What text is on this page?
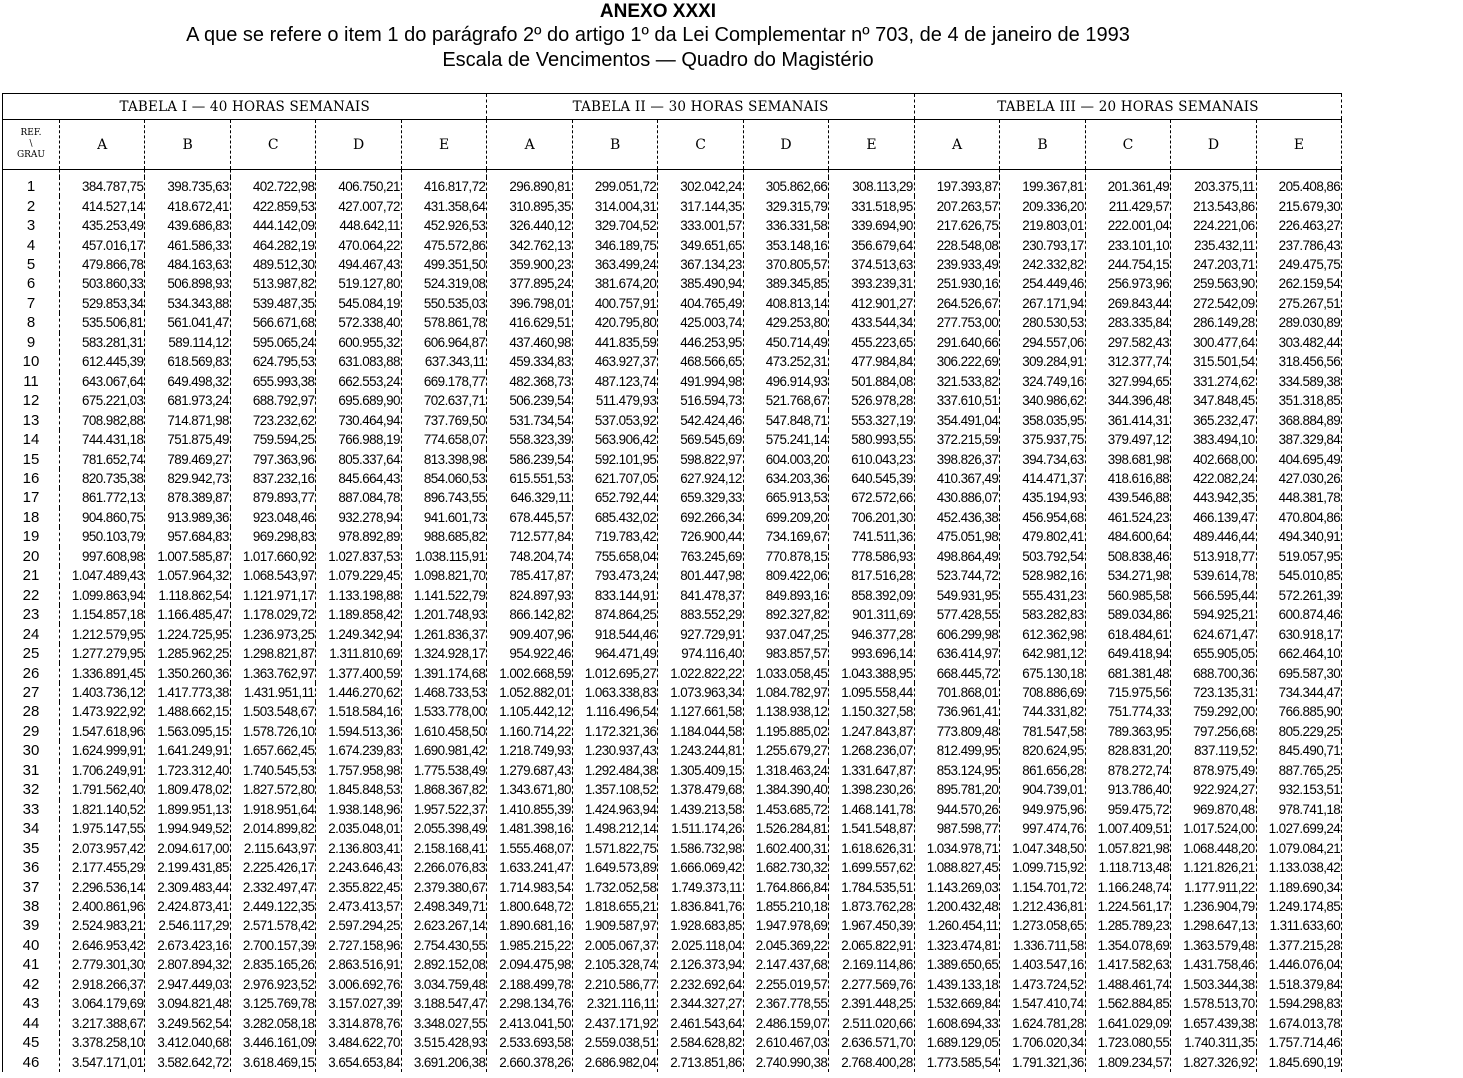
ANEXO XXXI
A que se refere o item 1 do parágrafo 2º do artigo 1º da Lei Complementar nº 703, de 4 de janeiro de 1993
Escala de Vencimentos — Quadro do Magistério
TABELA I — 40 HORAS SEMANAIS						TABELA II — 30 HORAS SEMANAIS					TABELA III — 20 HORAS SEMANAIS				

REF.
\
GRAU	A	B	C	D	E	A	B	C	D	E	A	B	C	D	E

1	384.787,75	398.735,63	402.722,98	406.750,21	416.817,72	296.890,81	299.051,72	302.042,24	305.862,66	308.113,29	197.393,87	199.367,81	201.361,49	203.375,11	205.408,86
2	414.527,14	418.672,41	422.859,53	427.007,72	431.358,64	310.895,35	314.004,31	317.144,35	329.315,79	331.518,95	207.263,57	209.336,20	211.429,57	213.543,86	215.679,30
3	435.253,49	439.686,83	444.142,09	448.642,11	452.926,53	326.440,12	329.704,52	333.001,57	336.331,58	339.694,90	217.626,75	219.803,01	222.001,04	224.221,06	226.463,27
4	457.016,17	461.586,33	464.282,19	470.064,22	475.572,86	342.762,13	346.189,75	349.651,65	353.148,16	356.679,64	228.548,08	230.793,17	233.101,10	235.432,11	237.786,43
5	479.866,78	484.163,63	489.512,30	494.467,43	499.351,50	359.900,23	363.499,24	367.134,23	370.805,57	374.513,63	239.933,49	242.332,82	244.754,15	247.203,71	249.475,75
6	503.860,33	506.898,93	513.987,82	519.127,80	524.319,08	377.895,24	381.674,20	385.490,94	389.345,85	393.239,31	251.930,16	254.449,46	256.973,96	259.563,90	262.159,54
7	529.853,34	534.343,88	539.487,35	545.084,19	550.535,03	396.798,01	400.757,91	404.765,49	408.813,14	412.901,27	264.526,67	267.171,94	269.843,44	272.542,09	275.267,51
8	535.506,81	561.041,47	566.671,68	572.338,40	578.861,78	416.629,51	420.795,80	425.003,74	429.253,80	433.544,34	277.753,00	280.530,53	283.335,84	286.149,28	289.030,89
9	583.281,31	589.114,12	595.065,24	600.955,32	606.964,87	437.460,98	441.835,59	446.253,95	450.714,49	455.223,65	291.640,66	294.557,06	297.582,43	300.477,64	303.482,44
10	612.445,39	618.569,83	624.795,53	631.083,88	637.343,11	459.334,83	463.927,37	468.566,65	473.252,31	477.984,84	306.222,69	309.284,91	312.377,74	315.501,54	318.456,56
11	643.067,64	649.498,32	655.993,38	662.553,24	669.178,77	482.368,73	487.123,74	491.994,98	496.914,93	501.884,08	321.533,82	324.749,16	327.994,65	331.274,62	334.589,38
12	675.221,03	681.973,24	688.792,97	695.689,90	702.637,71	506.239,54	511.479,93	516.594,73	521.768,67	526.978,28	337.610,51	340.986,62	344.396,48	347.848,45	351.318,85
13	708.982,88	714.871,98	723.232,62	730.464,94	737.769,50	531.734,54	537.053,92	542.424,46	547.848,71	553.327,19	354.491,04	358.035,95	361.414,31	365.232,47	368.884,89
14	744.431,18	751.875,49	759.594,25	766.988,19	774.658,07	558.323,39	563.906,42	569.545,69	575.241,14	580.993,55	372.215,59	375.937,75	379.497,12	383.494,10	387.329,84
15	781.652,74	789.469,27	797.363,96	805.337,64	813.398,98	586.239,54	592.101,95	598.822,97	604.003,20	610.043,23	398.826,37	394.734,63	398.681,98	402.668,00	404.695,49
16	820.735,38	829.942,73	837.232,16	845.664,43	854.060,53	615.551,53	621.707,05	627.924,12	634.203,36	640.545,39	410.367,49	414.471,37	418.616,88	422.082,24	427.030,26
17	861.772,13	878.389,87	879.893,77	887.084,78	896.743,55	646.329,11	652.792,44	659.329,33	665.913,53	672.572,66	430.886,07	435.194,93	439.546,88	443.942,35	448.381,78
18	904.860,75	913.989,36	923.048,46	932.278,94	941.601,73	678.445,57	685.432,02	692.266,34	699.209,20	706.201,30	452.436,38	456.954,68	461.524,23	466.139,47	470.804,86
19	950.103,79	957.684,83	969.298,83	978.892,89	988.685,82	712.577,84	719.783,42	726.900,44	734.169,67	741.511,36	475.051,98	479.802,41	484.600,64	489.446,44	494.340,91
20	997.608,98	1.007.585,87	1.017.660,92	1.027.837,53	1.038.115,91	748.204,74	755.658,04	763.245,69	770.878,15	778.586,93	498.864,49	503.792,54	508.838,46	513.918,77	519.057,95
21	1.047.489,43	1.057.964,32	1.068.543,97	1.079.229,45	1.098.821,70	785.417,87	793.473,24	801.447,98	809.422,06	817.516,28	523.744,72	528.982,16	534.271,98	539.614,78	545.010,85
22	1.099.863,94	1.118.862,54	1.121.971,17	1.133.198,88	1.141.522,79	824.897,93	833.144,91	841.478,37	849.893,16	858.392,09	549.931,95	555.431,23	560.985,58	566.595,44	572.261,39
23	1.154.857,18	1.166.485,47	1.178.029,72	1.189.858,42	1.201.748,93	866.142,82	874.864,25	883.552,29	892.327,82	901.311,69	577.428,55	583.282,83	589.034,86	594.925,21	600.874,46
24	1.212.579,95	1.224.725,95	1.236.973,25	1.249.342,94	1.261.836,37	909.407,96	918.544,46	927.729,91	937.047,25	946.377,28	606.299,98	612.362,98	618.484,61	624.671,47	630.918,17
25	1.277.279,95	1.285.962,25	1.298.821,87	1.311.810,69	1.324.928,17	954.922,46	964.471,49	974.116,40	983.857,57	993.696,14	636.414,97	642.981,12	649.418,94	655.905,05	662.464,10
26	1.336.891,45	1.350.260,36	1.363.762,97	1.377.400,59	1.391.174,68	1.002.668,59	1.012.695,27	1.022.822,22	1.033.058,45	1.043.388,95	668.445,72	675.130,18	681.381,48	688.700,36	695.587,30
27	1.403.736,12	1.417.773,38	1.431.951,11	1.446.270,62	1.468.733,53	1.052.882,01	1.063.338,83	1.073.963,34	1.084.782,97	1.095.558,44	701.868,01	708.886,69	715.975,56	723.135,31	734.344,47
28	1.473.922,92	1.488.662,15	1.503.548,67	1.518.584,16	1.533.778,00	1.105.442,12	1.116.496,54	1.127.661,58	1.138.938,12	1.150.327,58	736.961,41	744.331,82	751.774,33	759.292,00	766.885,90
29	1.547.618,96	1.563.095,15	1.578.726,10	1.594.513,36	1.610.458,50	1.160.714,22	1.172.321,36	1.184.044,58	1.195.885,02	1.247.843,87	773.809,48	781.547,58	789.363,95	797.256,68	805.229,25
30	1.624.999,91	1.641.249,91	1.657.662,45	1.674.239,83	1.690.981,42	1.218.749,93	1.230.937,43	1.243.244,81	1.255.679,27	1.268.236,07	812.499,95	820.624,95	828.831,20	837.119,52	845.490,71
31	1.706.249,91	1.723.312,40	1.740.545,53	1.757.958,98	1.775.538,49	1.279.687,43	1.292.484,38	1.305.409,15	1.318.463,24	1.331.647,87	853.124,95	861.656,28	878.272,74	878.975,49	887.765,25
32	1.791.562,40	1.809.478,02	1.827.572,80	1.845.848,53	1.868.367,82	1.343.671,80	1.357.108,52	1.378.479,68	1.384.390,40	1.398.230,26	895.781,20	904.739,01	913.786,40	922.924,27	932.153,51
33	1.821.140,52	1.899.951,13	1.918.951,64	1.938.148,96	1.957.522,37	1.410.855,39	1.424.963,94	1.439.213,58	1.453.685,72	1.468.141,78	944.570,26	949.975,96	959.475,72	969.870,48	978.741,18
34	1.975.147,55	1.994.949,52	2.014.899,82	2.035.048,01	2.055.398,49	1.481.398,16	1.498.212,14	1.511.174,26	1.526.284,81	1.541.548,87	987.598,77	997.474,76	1.007.409,51	1.017.524,00	1.027.699,24
35	2.073.957,42	2.094.617,00	2.115.643,97	2.136.803,41	2.158.168,41	1.555.468,07	1.571.822,75	1.586.732,98	1.602.400,31	1.618.626,31	1.034.978,71	1.047.348,50	1.057.821,98	1.068.448,20	1.079.084,21
36	2.177.455,29	2.199.431,85	2.225.426,17	2.243.646,43	2.266.076,83	1.633.241,47	1.649.573,89	1.666.069,42	1.682.730,32	1.699.557,62	1.088.827,45	1.099.715,92	1.118.713,48	1.121.826,21	1.133.038,42
37	2.296.536,14	2.309.483,44	2.332.497,47	2.355.822,45	2.379.380,67	1.714.983,54	1.732.052,58	1.749.373,11	1.764.866,84	1.784.535,51	1.143.269,03	1.154.701,72	1.166.248,74	1.177.911,22	1.189.690,34
38	2.400.861,96	2.424.873,41	2.449.122,35	2.473.413,57	2.498.349,71	1.800.648,72	1.818.655,21	1.836.841,76	1.855.210,18	1.873.762,28	1.200.432,48	1.212.436,81	1.224.561,17	1.236.904,79	1.249.174,85
39	2.524.983,21	2.546.117,29	2.571.578,42	2.597.294,25	2.623.267,14	1.890.681,16	1.909.587,97	1.928.683,85	1.947.978,69	1.967.450,39	1.260.454,11	1.273.058,65	1.285.789,23	1.298.647,13	1.311.633,60
40	2.646.953,42	2.673.423,16	2.700.157,39	2.727.158,96	2.754.430,55	1.985.215,22	2.005.067,37	2.025.118,04	2.045.369,22	2.065.822,91	1.323.474,81	1.336.711,58	1.354.078,69	1.363.579,48	1.377.215,28
41	2.779.301,30	2.807.894,32	2.835.165,26	2.863.516,91	2.892.152,08	2.094.475,98	2.105.328,74	2.126.373,94	2.147.437,68	2.169.114,86	1.389.650,65	1.403.547,16	1.417.582,63	1.431.758,46	1.446.076,04
42	2.918.266,37	2.947.449,03	2.976.923,52	3.006.692,76	3.034.759,48	2.188.499,78	2.210.586,77	2.232.692,64	2.255.019,57	2.277.569,76	1.439.133,18	1.473.724,52	1.488.461,74	1.503.344,38	1.518.379,84
43	3.064.179,69	3.094.821,48	3.125.769,78	3.157.027,39	3.188.547,47	2.298.134,76	2.321.116,11	2.344.327,27	2.367.778,55	2.391.448,25	1.532.669,84	1.547.410,74	1.562.884,85	1.578.513,70	1.594.298,83
44	3.217.388,67	3.249.562,54	3.282.058,18	3.314.878,76	3.348.027,55	2.413.041,50	2.437.171,92	2.461.543,64	2.486.159,07	2.511.020,66	1.608.694,33	1.624.781,28	1.641.029,09	1.657.439,38	1.674.013,78
45	3.378.258,10	3.412.040,68	3.446.161,09	3.484.622,70	3.515.428,93	2.533.693,58	2.559.038,51	2.584.628,82	2.610.467,03	2.636.571,70	1.689.129,05	1.706.020,34	1.723.080,55	1.740.311,35	1.757.714,46
46	3.547.171,01	3.582.642,72	3.618.469,15	3.654.653,84	3.691.206,38	2.660.378,26	2.686.982,04	2.713.851,86	2.740.990,38	2.768.400,28	1.773.585,54	1.791.321,36	1.809.234,57	1.827.326,92	1.845.690,19
